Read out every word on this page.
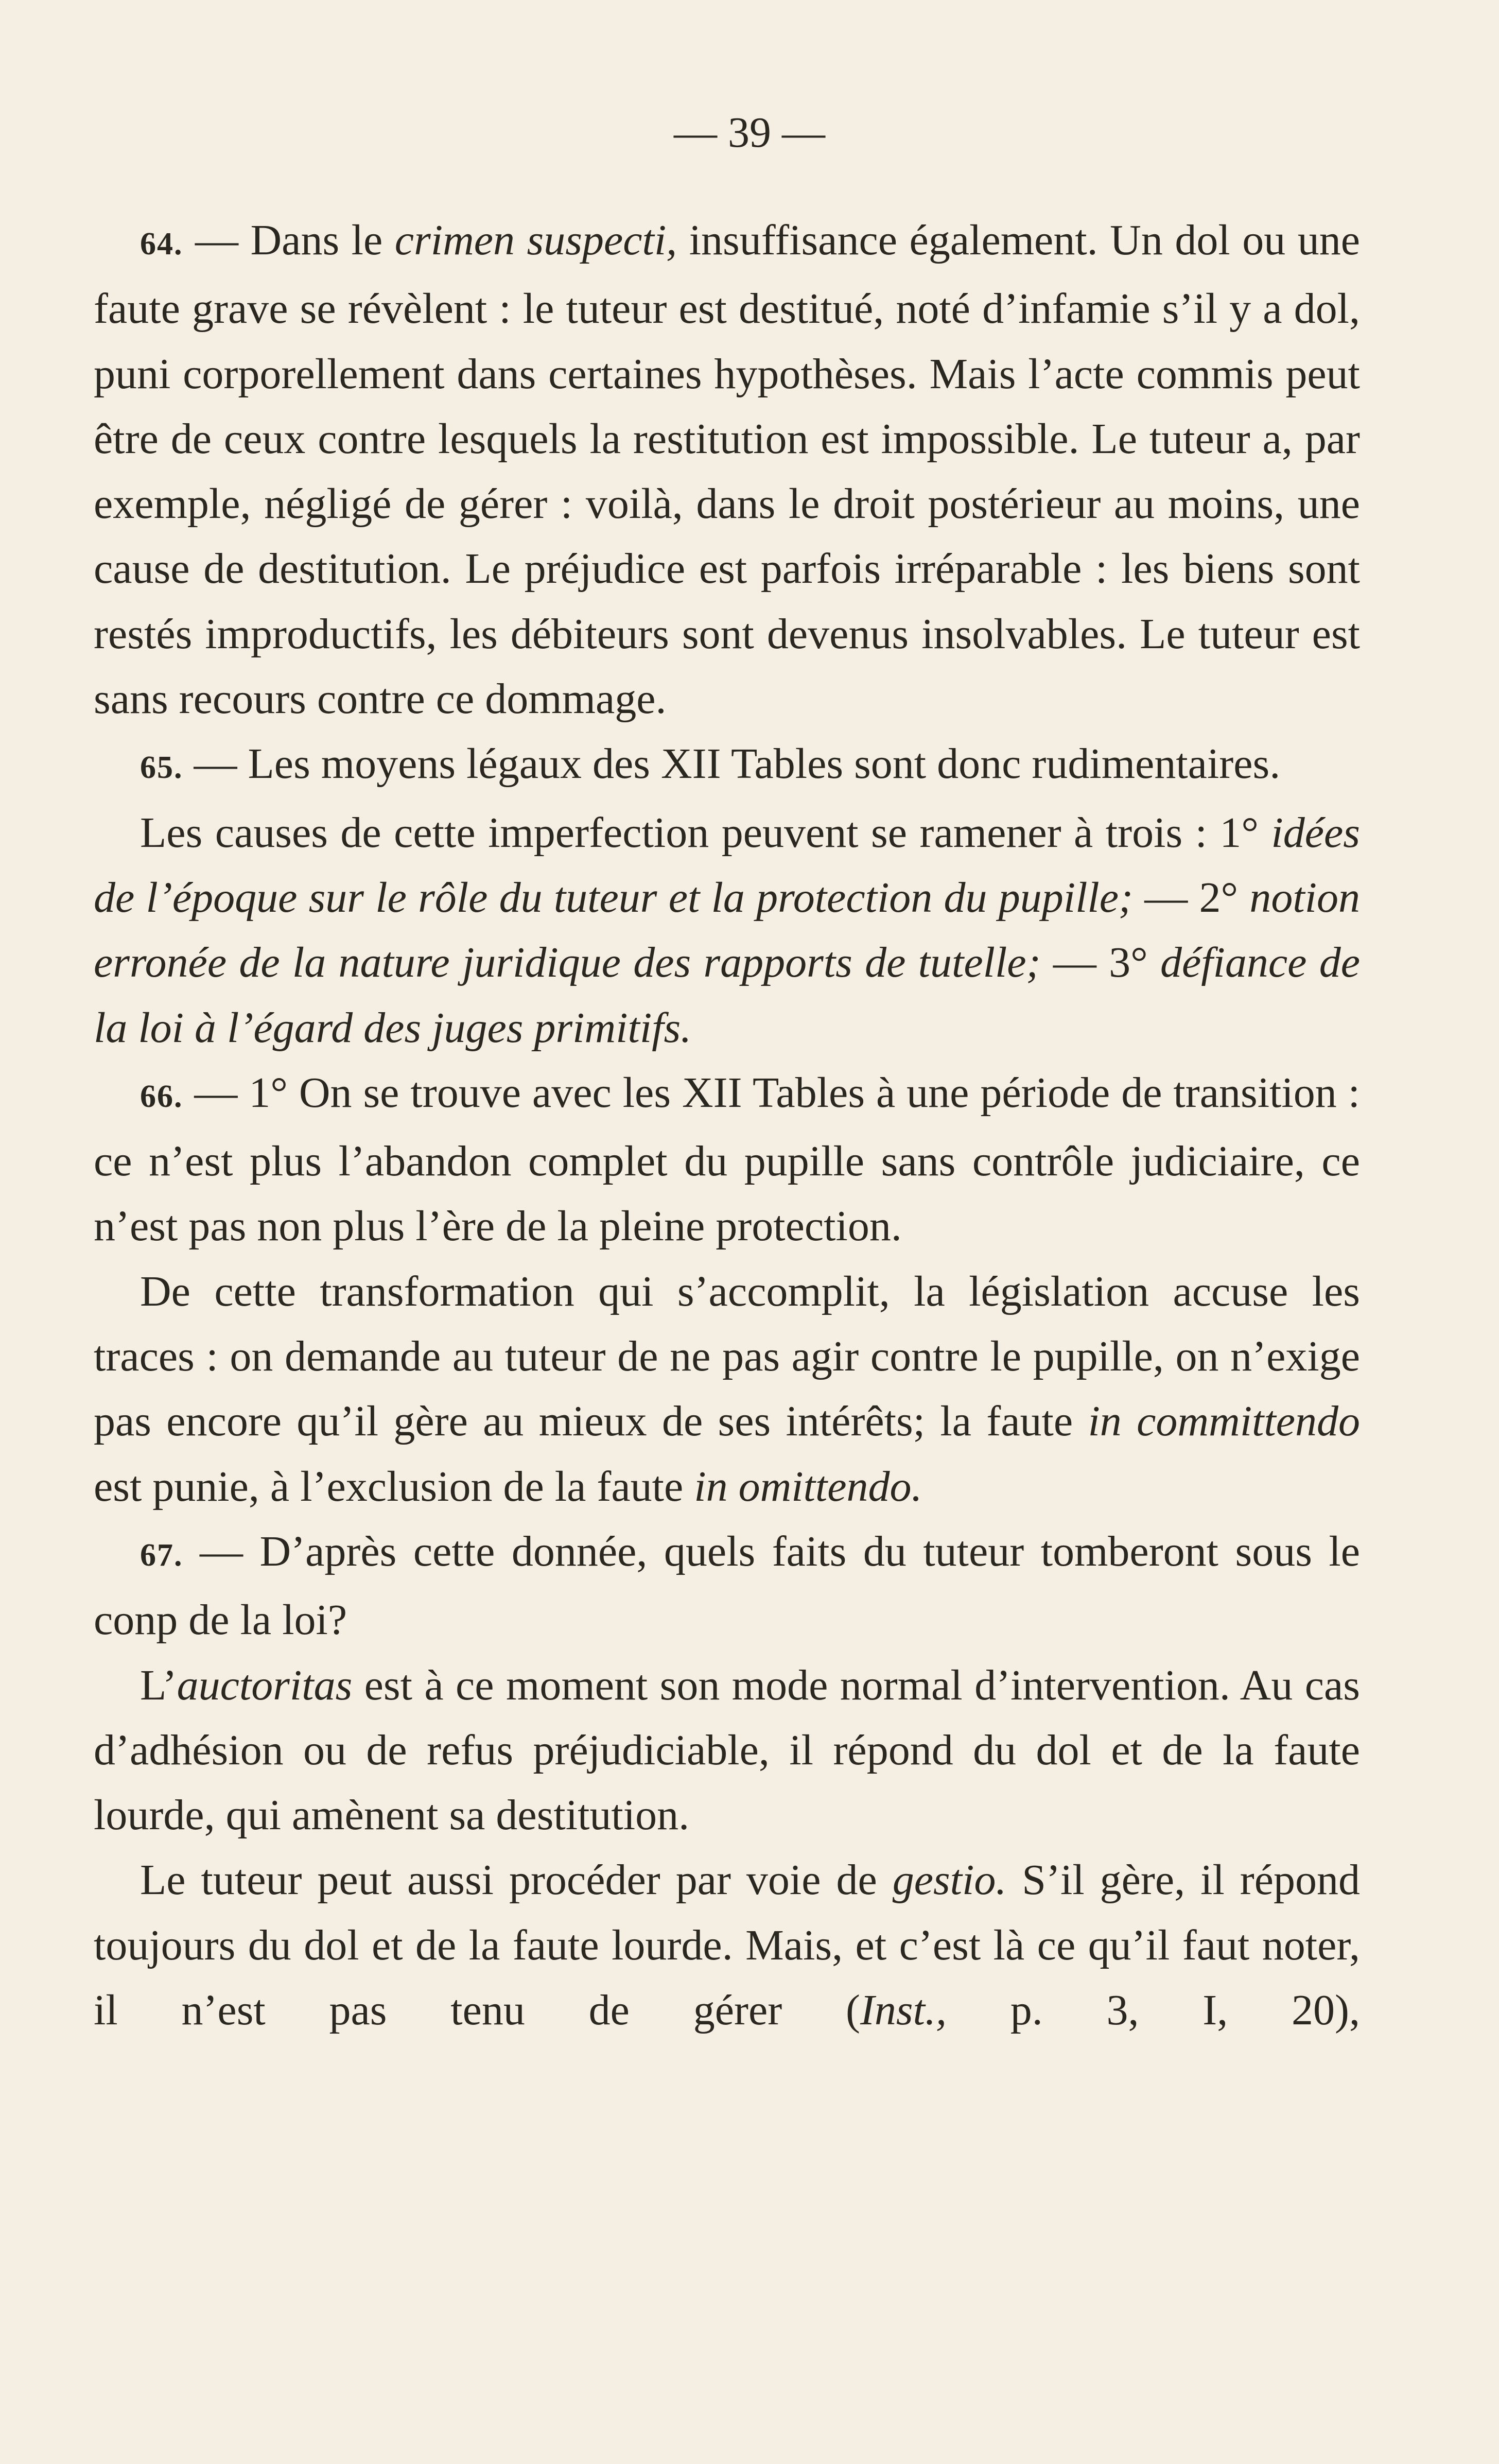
— 39 —

64. — Dans le crimen suspecti, insuffisance également. Un dol ou une faute grave se révèlent : le tuteur est destitué, noté d’infamie s’il y a dol, puni corporellement dans certaines hypothèses. Mais l’acte commis peut être de ceux contre lesquels la restitution est impossible. Le tuteur a, par exemple, négligé de gérer : voilà, dans le droit postérieur au moins, une cause de destitution. Le préjudice est parfois irréparable : les biens sont restés improductifs, les débiteurs sont devenus insolvables. Le tuteur est sans recours contre ce dommage.

65. — Les moyens légaux des XII Tables sont donc rudimentaires.

Les causes de cette imperfection peuvent se ramener à trois : 1° idées de l’époque sur le rôle du tuteur et la protection du pupille; — 2° notion erronée de la nature juridique des rapports de tutelle; — 3° défiance de la loi à l’égard des juges primitifs.

66. — 1° On se trouve avec les XII Tables à une période de transition : ce n’est plus l’abandon complet du pupille sans contrôle judiciaire, ce n’est pas non plus l’ère de la pleine protection.

De cette transformation qui s’accomplit, la législation accuse les traces : on demande au tuteur de ne pas agir contre le pupille, on n’exige pas encore qu’il gère au mieux de ses intérêts; la faute in committendo est punie, à l’exclusion de la faute in omittendo.

67. — D’après cette donnée, quels faits du tuteur tomberont sous le conp de la loi?

L’auctoritas est à ce moment son mode normal d’intervention. Au cas d’adhésion ou de refus préjudiciable, il répond du dol et de la faute lourde, qui amènent sa destitution.

Le tuteur peut aussi procéder par voie de gestio. S’il gère, il répond toujours du dol et de la faute lourde. Mais, et c’est là ce qu’il faut noter, il n’est pas tenu de gérer (Inst., p. 3, I, 20),
